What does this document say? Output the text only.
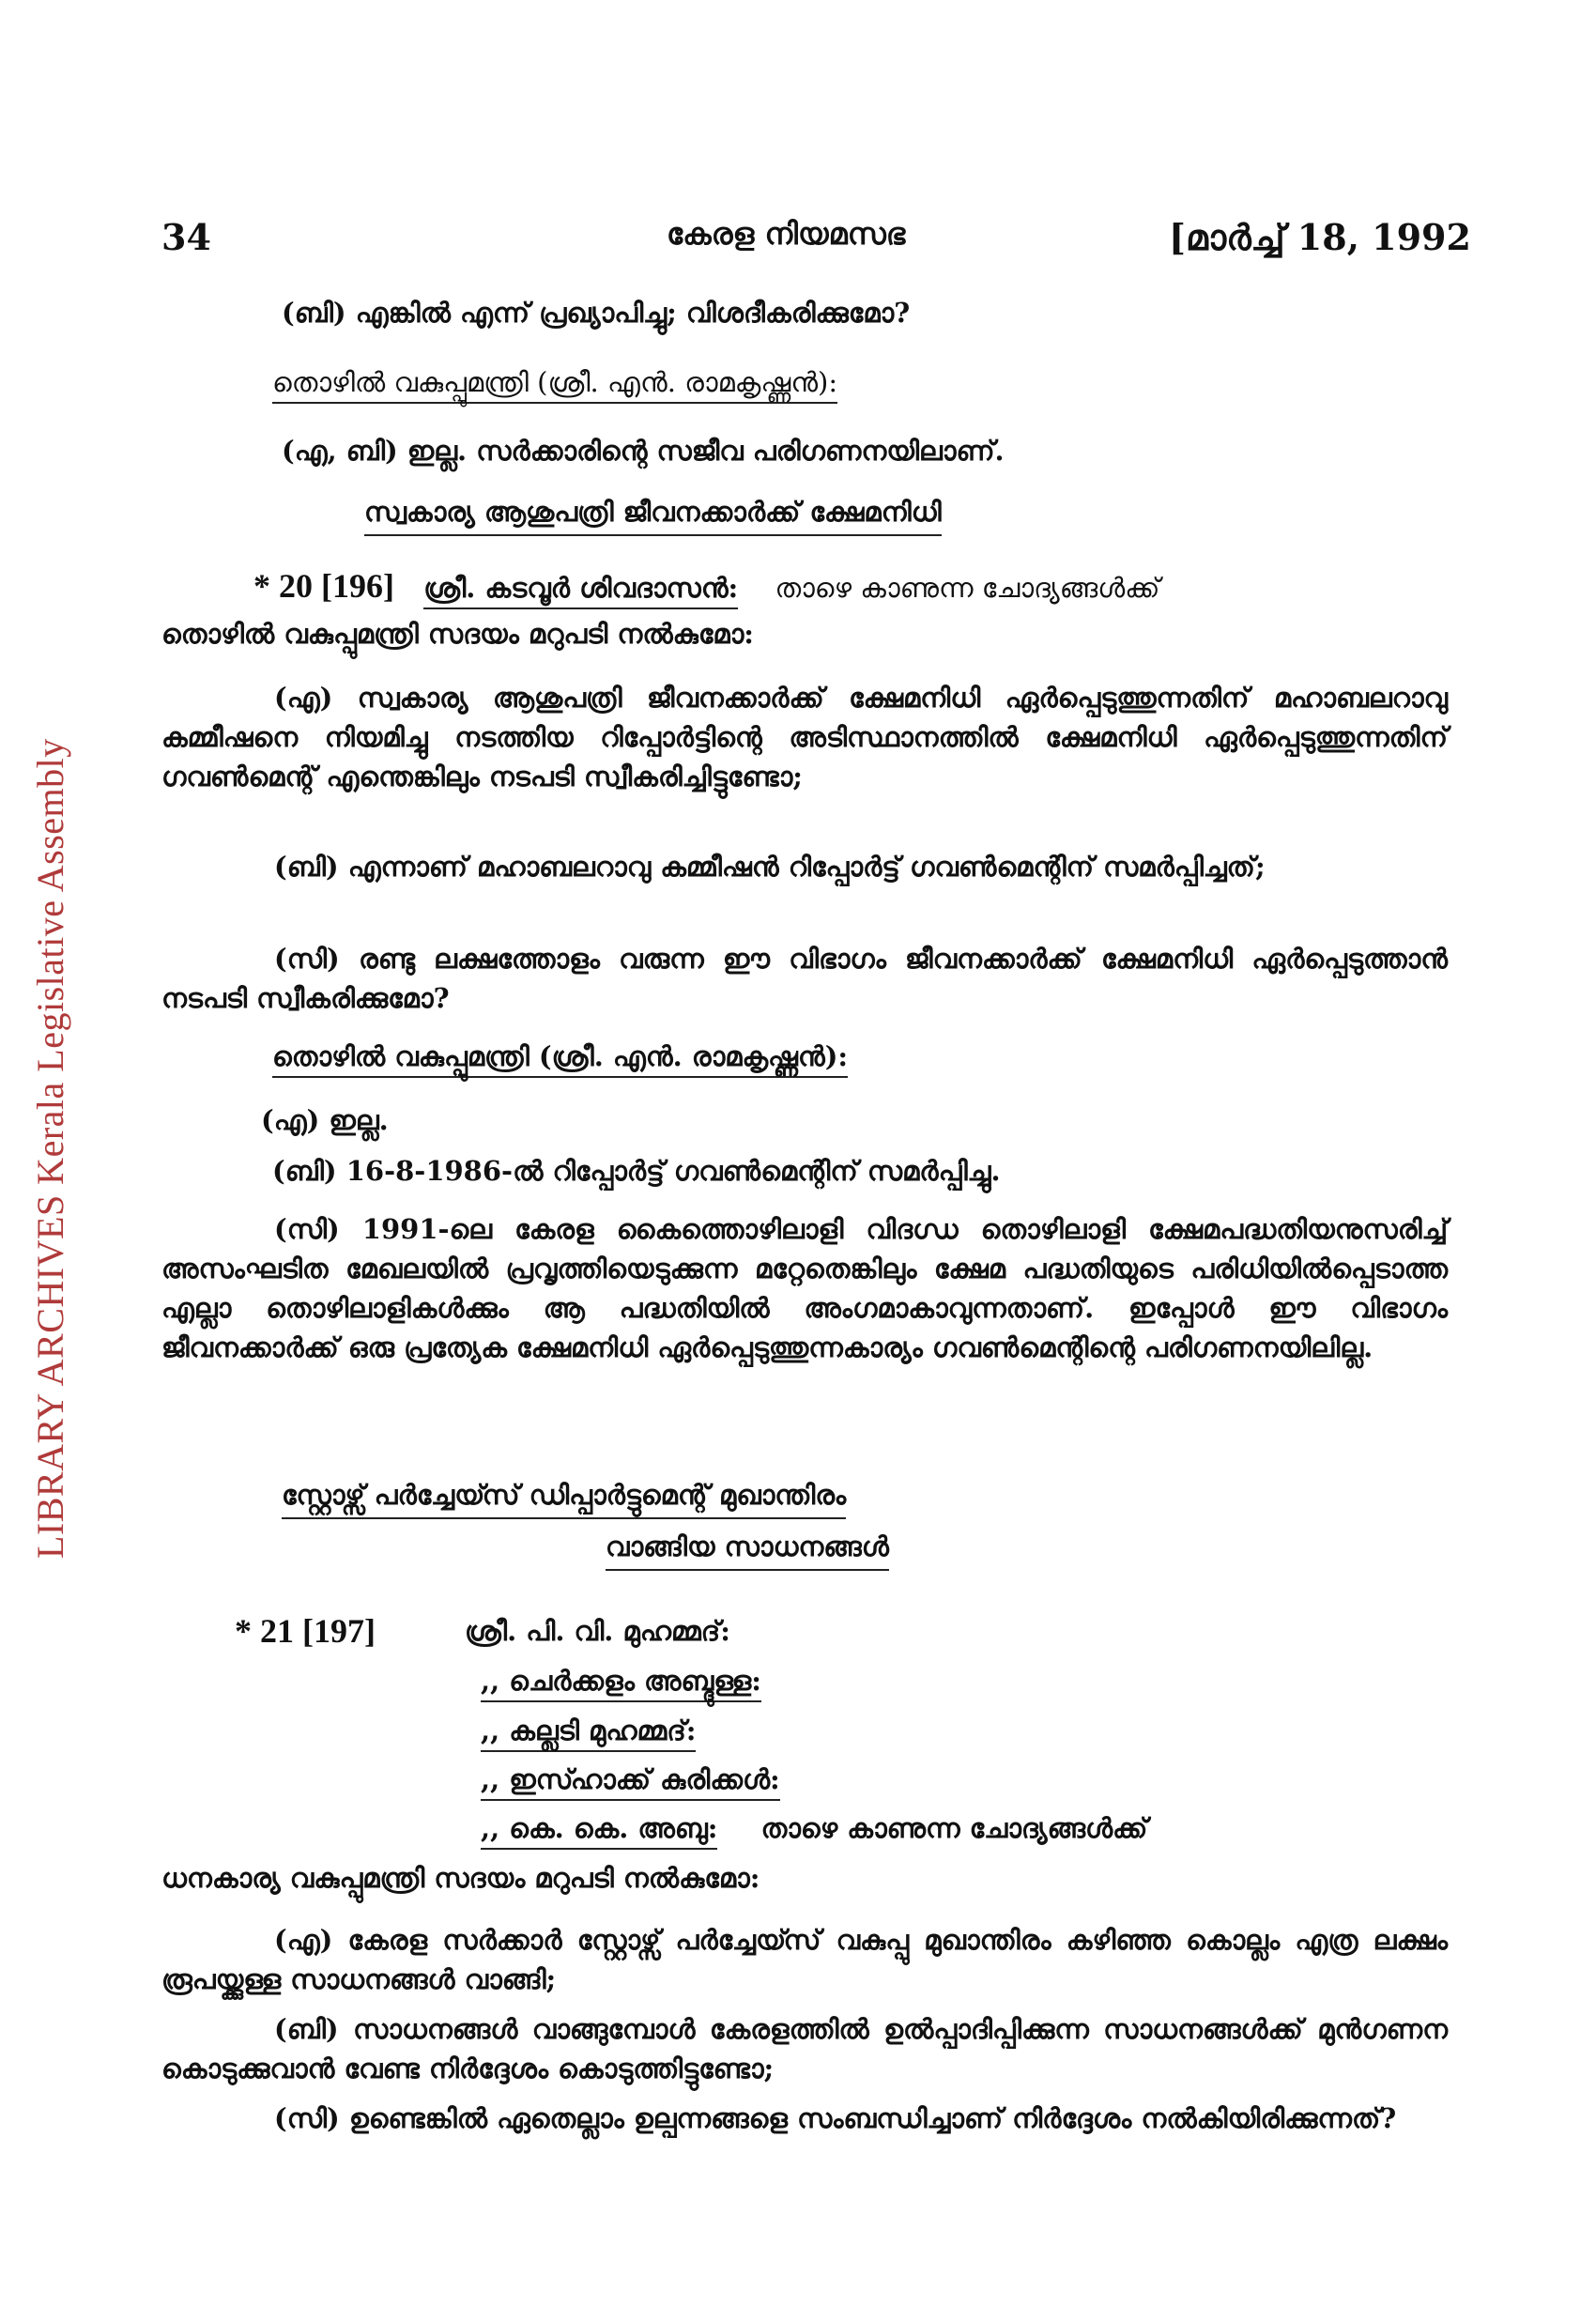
LIBRARY ARCHIVES Kerala Legislative Assembly
34	കേരള നിയമസഭ	[മാർച്ച് 18, 1992
(ബി) എങ്കിൽ എന്ന് പ്രഖ്യാപിച്ചു; വിശദീകരിക്കുമോ?
തൊഴിൽ വകുപ്പുമന്ത്രി (ശ്രീ. എൻ. രാമകൃഷ്ണൻ):
(എ, ബി) ഇല്ല. സർക്കാരിന്റെ സജീവ പരിഗണനയിലാണ്.
സ്വകാര്യ ആശുപത്രി ജീവനക്കാർക്ക് ക്ഷേമനിധി
* 20 [196] ശ്രീ. കടവൂർ ശിവദാസൻ: താഴെ കാണുന്ന ചോദ്യങ്ങൾക്ക്
തൊഴിൽ വകുപ്പുമന്ത്രി സദയം മറുപടി നൽകുമോ:
(എ) സ്വകാര്യ ആശുപത്രി ജീവനക്കാർക്ക് ക്ഷേമനിധി ഏർപ്പെടുത്തുന്നതിന് മഹാബലറാവു കമ്മീഷനെ നിയമിച്ചു നടത്തിയ റിപ്പോർട്ടിന്റെ അടിസ്ഥാനത്തിൽ ക്ഷേമനിധി ഏർപ്പെടുത്തുന്നതിന് ഗവൺമെന്റ് എന്തെങ്കിലും നടപടി സ്വീകരിച്ചിട്ടുണ്ടോ;
(ബി) എന്നാണ് മഹാബലറാവു കമ്മീഷൻ റിപ്പോർട്ട് ഗവൺമെന്റിന് സമർപ്പിച്ചത്;
(സി) രണ്ടു ലക്ഷത്തോളം വരുന്ന ഈ വിഭാഗം ജീവനക്കാർക്ക് ക്ഷേമനിധി ഏർപ്പെടുത്താൻ നടപടി സ്വീകരിക്കുമോ?
തൊഴിൽ വകുപ്പുമന്ത്രി (ശ്രീ. എൻ. രാമകൃഷ്ണൻ):
(എ) ഇല്ല.
(ബി) 16-8-1986-ൽ റിപ്പോർട്ട് ഗവൺമെന്റിന് സമർപ്പിച്ചു.
(സി) 1991-ലെ കേരള കൈത്തൊഴിലാളി വിദഗ്ധ തൊഴിലാളി ക്ഷേമപദ്ധതിയനുസരിച്ച് അസംഘടിത മേഖലയിൽ പ്രവൃത്തിയെടുക്കുന്ന മറ്റേതെങ്കിലും ക്ഷേമ പദ്ധതിയുടെ പരിധിയിൽപ്പെടാത്ത എല്ലാ തൊഴിലാളികൾക്കും ആ പദ്ധതിയിൽ അംഗമാകാവുന്നതാണ്. ഇപ്പോൾ ഈ വിഭാഗം ജീവനക്കാർക്ക് ഒരു പ്രത്യേക ക്ഷേമനിധി ഏർപ്പെടുത്തുന്നകാര്യം ഗവൺമെന്റിന്റെ പരിഗണനയിലില്ല.
സ്റ്റോഴ്സ് പർച്ചേയ്സ് ഡിപ്പാർട്ടുമെന്റ് മുഖാന്തിരം
വാങ്ങിയ സാധനങ്ങൾ
* 21 [197]	ശ്രീ. പി. വി. മുഹമ്മദ്:
,, ചെർക്കളം അബ്ദുള്ള:
,, കല്ലടി മുഹമ്മദ്:
,, ഇസ്ഹാക്ക് കുരിക്കൾ:
,, കെ. കെ. അബു: താഴെ കാണുന്ന ചോദ്യങ്ങൾക്ക്
ധനകാര്യ വകുപ്പുമന്ത്രി സദയം മറുപടി നൽകുമോ:
(എ) കേരള സർക്കാർ സ്റ്റോഴ്സ് പർച്ചേയ്സ് വകുപ്പു മുഖാന്തിരം കഴിഞ്ഞ കൊല്ലം എത്ര ലക്ഷം രൂപയ്ക്കുള്ള സാധനങ്ങൾ വാങ്ങി;
(ബി) സാധനങ്ങൾ വാങ്ങുമ്പോൾ കേരളത്തിൽ ഉൽപ്പാദിപ്പിക്കുന്ന സാധനങ്ങൾക്ക് മുൻഗണന കൊടുക്കുവാൻ വേണ്ട നിർദ്ദേശം കൊടുത്തിട്ടുണ്ടോ;
(സി) ഉണ്ടെങ്കിൽ ഏതെല്ലാം ഉല്പന്നങ്ങളെ സംബന്ധിച്ചാണ് നിർദ്ദേശം നൽകിയിരിക്കുന്നത്?
